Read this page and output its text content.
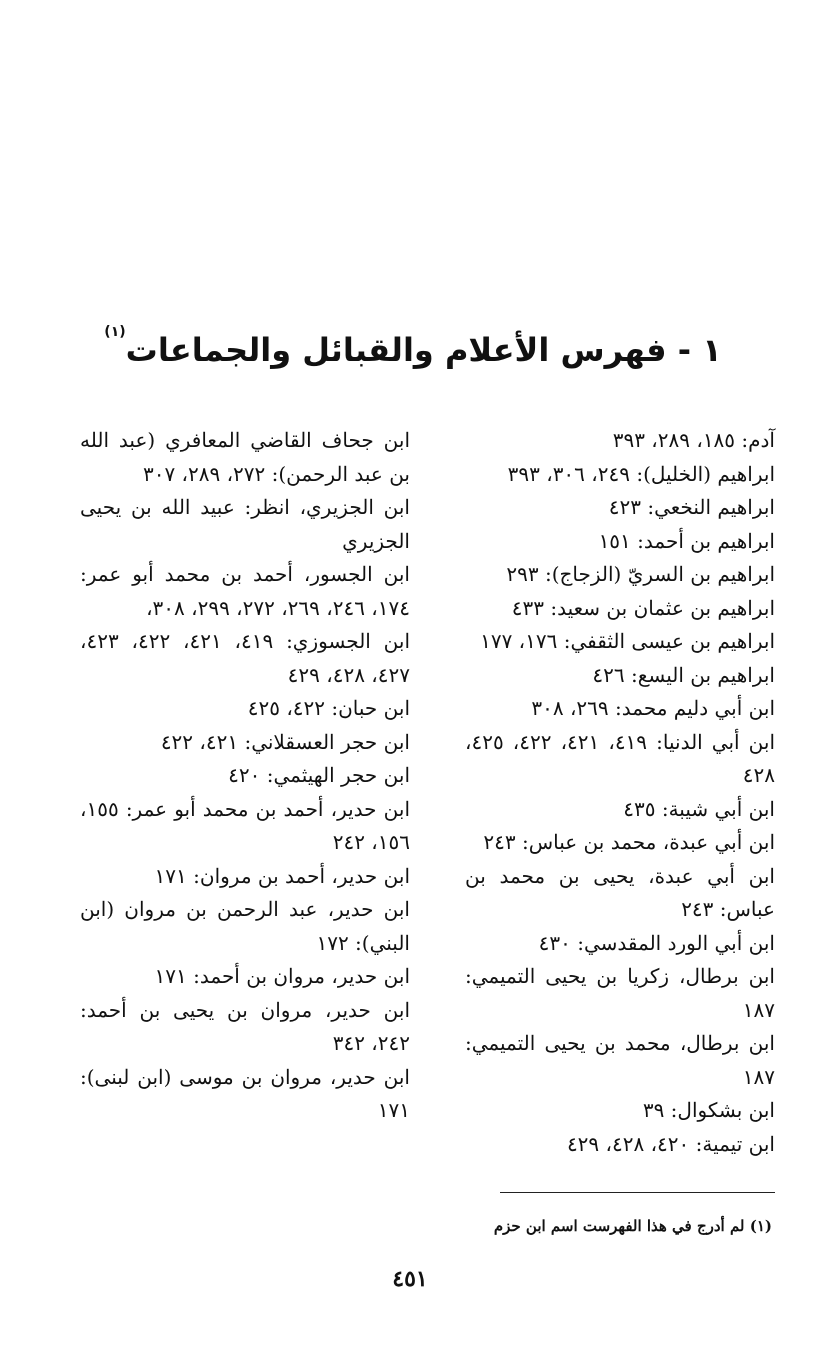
١ - فهرس الأعلام والقبائل والجماعات
(١)

آدم: ١٨٥، ٢٨٩، ٣٩٣

ابراهيم (الخليل): ٢٤٩، ٣٠٦، ٣٩٣

ابراهيم النخعي: ٤٢٣

ابراهيم بن أحمد: ١٥١

ابراهيم بن السريّ (الزجاج): ٢٩٣

ابراهيم بن عثمان بن سعيد: ٤٣٣

ابراهيم بن عيسى الثقفي: ١٧٦، ١٧٧

ابراهيم بن اليسع: ٤٢٦

ابن أبي دليم محمد: ٢٦٩، ٣٠٨

ابن أبي الدنيا: ٤١٩، ٤٢١، ٤٢٢، ٤٢٥، ٤٢٨

ابن أبي شيبة: ٤٣٥

ابن أبي عبدة، محمد بن عباس: ٢٤٣

ابن أبي عبدة، يحيى بن محمد بن عباس: ٢٤٣

ابن أبي الورد المقدسي: ٤٣٠

ابن برطال، زكريا بن يحيى التميمي: ١٨٧

ابن برطال، محمد بن يحيى التميمي: ١٨٧

ابن بشكوال: ٣٩

ابن تيمية: ٤٢٠، ٤٢٨، ٤٢٩

ابن جحاف القاضي المعافري (عبد الله بن عبد الرحمن): ٢٧٢، ٢٨٩، ٣٠٧

ابن الجزيري، انظر: عبيد الله بن يحيى الجزيري

ابن الجسور، أحمد بن محمد أبو عمر: ١٧٤، ٢٤٦، ٢٦٩، ٢٧٢، ٢٩٩، ٣٠٨،

ابن الجسوزي: ٤١٩، ٤٢١، ٤٢٢، ٤٢٣، ٤٢٧، ٤٢٨، ٤٢٩

ابن حبان: ٤٢٢، ٤٢٥

ابن حجر العسقلاني: ٤٢١، ٤٢٢

ابن حجر الهيثمي: ٤٢٠

ابن حدير، أحمد بن محمد أبو عمر: ١٥٥، ١٥٦، ٢٤٢

ابن حدير، أحمد بن مروان: ١٧١

ابن حدير، عبد الرحمن بن مروان (ابن البني): ١٧٢

ابن حدير، مروان بن أحمد: ١٧١

ابن حدير، مروان بن يحيى بن أحمد: ٢٤٢، ٣٤٢

ابن حدير، مروان بن موسى (ابن لبنى): ١٧١

(١) لم أدرج في هذا الفهرست اسم ابن حزم
٤٥١
